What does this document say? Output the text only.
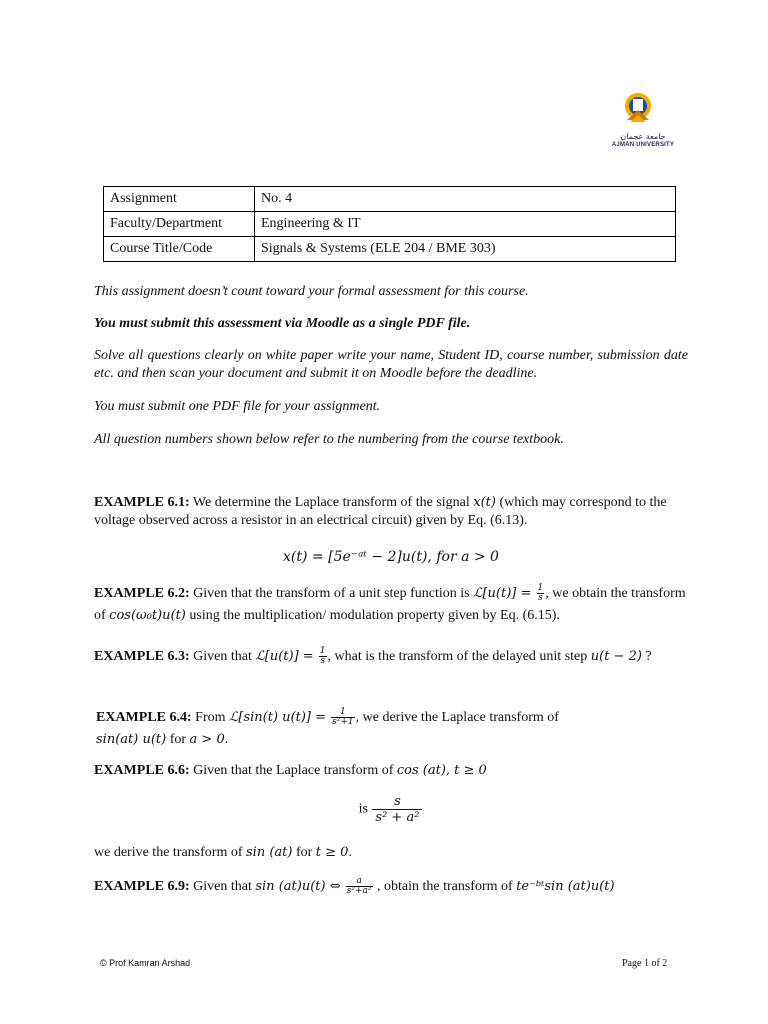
جامعة عجمان
AJMAN UNIVERSITY
Assignment	No. 4
Faculty/Department	Engineering & IT
Course Title/Code	Signals & Systems (ELE 204 / BME 303)
This assignment doesn’t count toward your formal assessment for this course.
You must submit this assessment via Moodle as a single PDF file.
Solve all questions clearly on white paper write your name, Student ID, course number, submission date etc. and then scan your document and submit it on Moodle before the deadline.
You must submit one PDF file for your assignment.
All question numbers shown below refer to the numbering from the course textbook.
EXAMPLE 6.1: We determine the Laplace transform of the signal x(t) (which may correspond to the voltage observed across a resistor in an electrical circuit) given by Eq. (6.13).
x(t) = [5e⁻ᵃᵗ − 2]u(t), for a > 0
EXAMPLE 6.2: Given that the transform of a unit step function is ℒ[u(t)] = $\frac{1}{s}$ , we obtain the transform of cos(ω₀t)u(t) using the multiplication/ modulation property given by Eq. (6.15).
EXAMPLE 6.3: Given that ℒ[u(t)] = $\frac{1}{s}$ , what is the transform of the delayed unit step u(t − 2) ?
EXAMPLE 6.4: From ℒ[sin(t) $u(t)] = \frac{1}{\text{s²+1}}$ , we derive the Laplace transform of
sin(at) u(t) for a > 0.
EXAMPLE 6.6: Given that the Laplace transform of cos (at), t ≥ 0
is $\frac{s}{\text{s² + a²}}$
we derive the transform of sin (at) for t ≥ 0.
EXAMPLE 6.9: Given that sin (at)u(t) ⇔ $\frac{a}{\text{s²+a²}}$ , obtain the transform of te⁻ᵇᵗsin (at)u(t)
© Prof Kamran Arshad	Page 1 of 2
